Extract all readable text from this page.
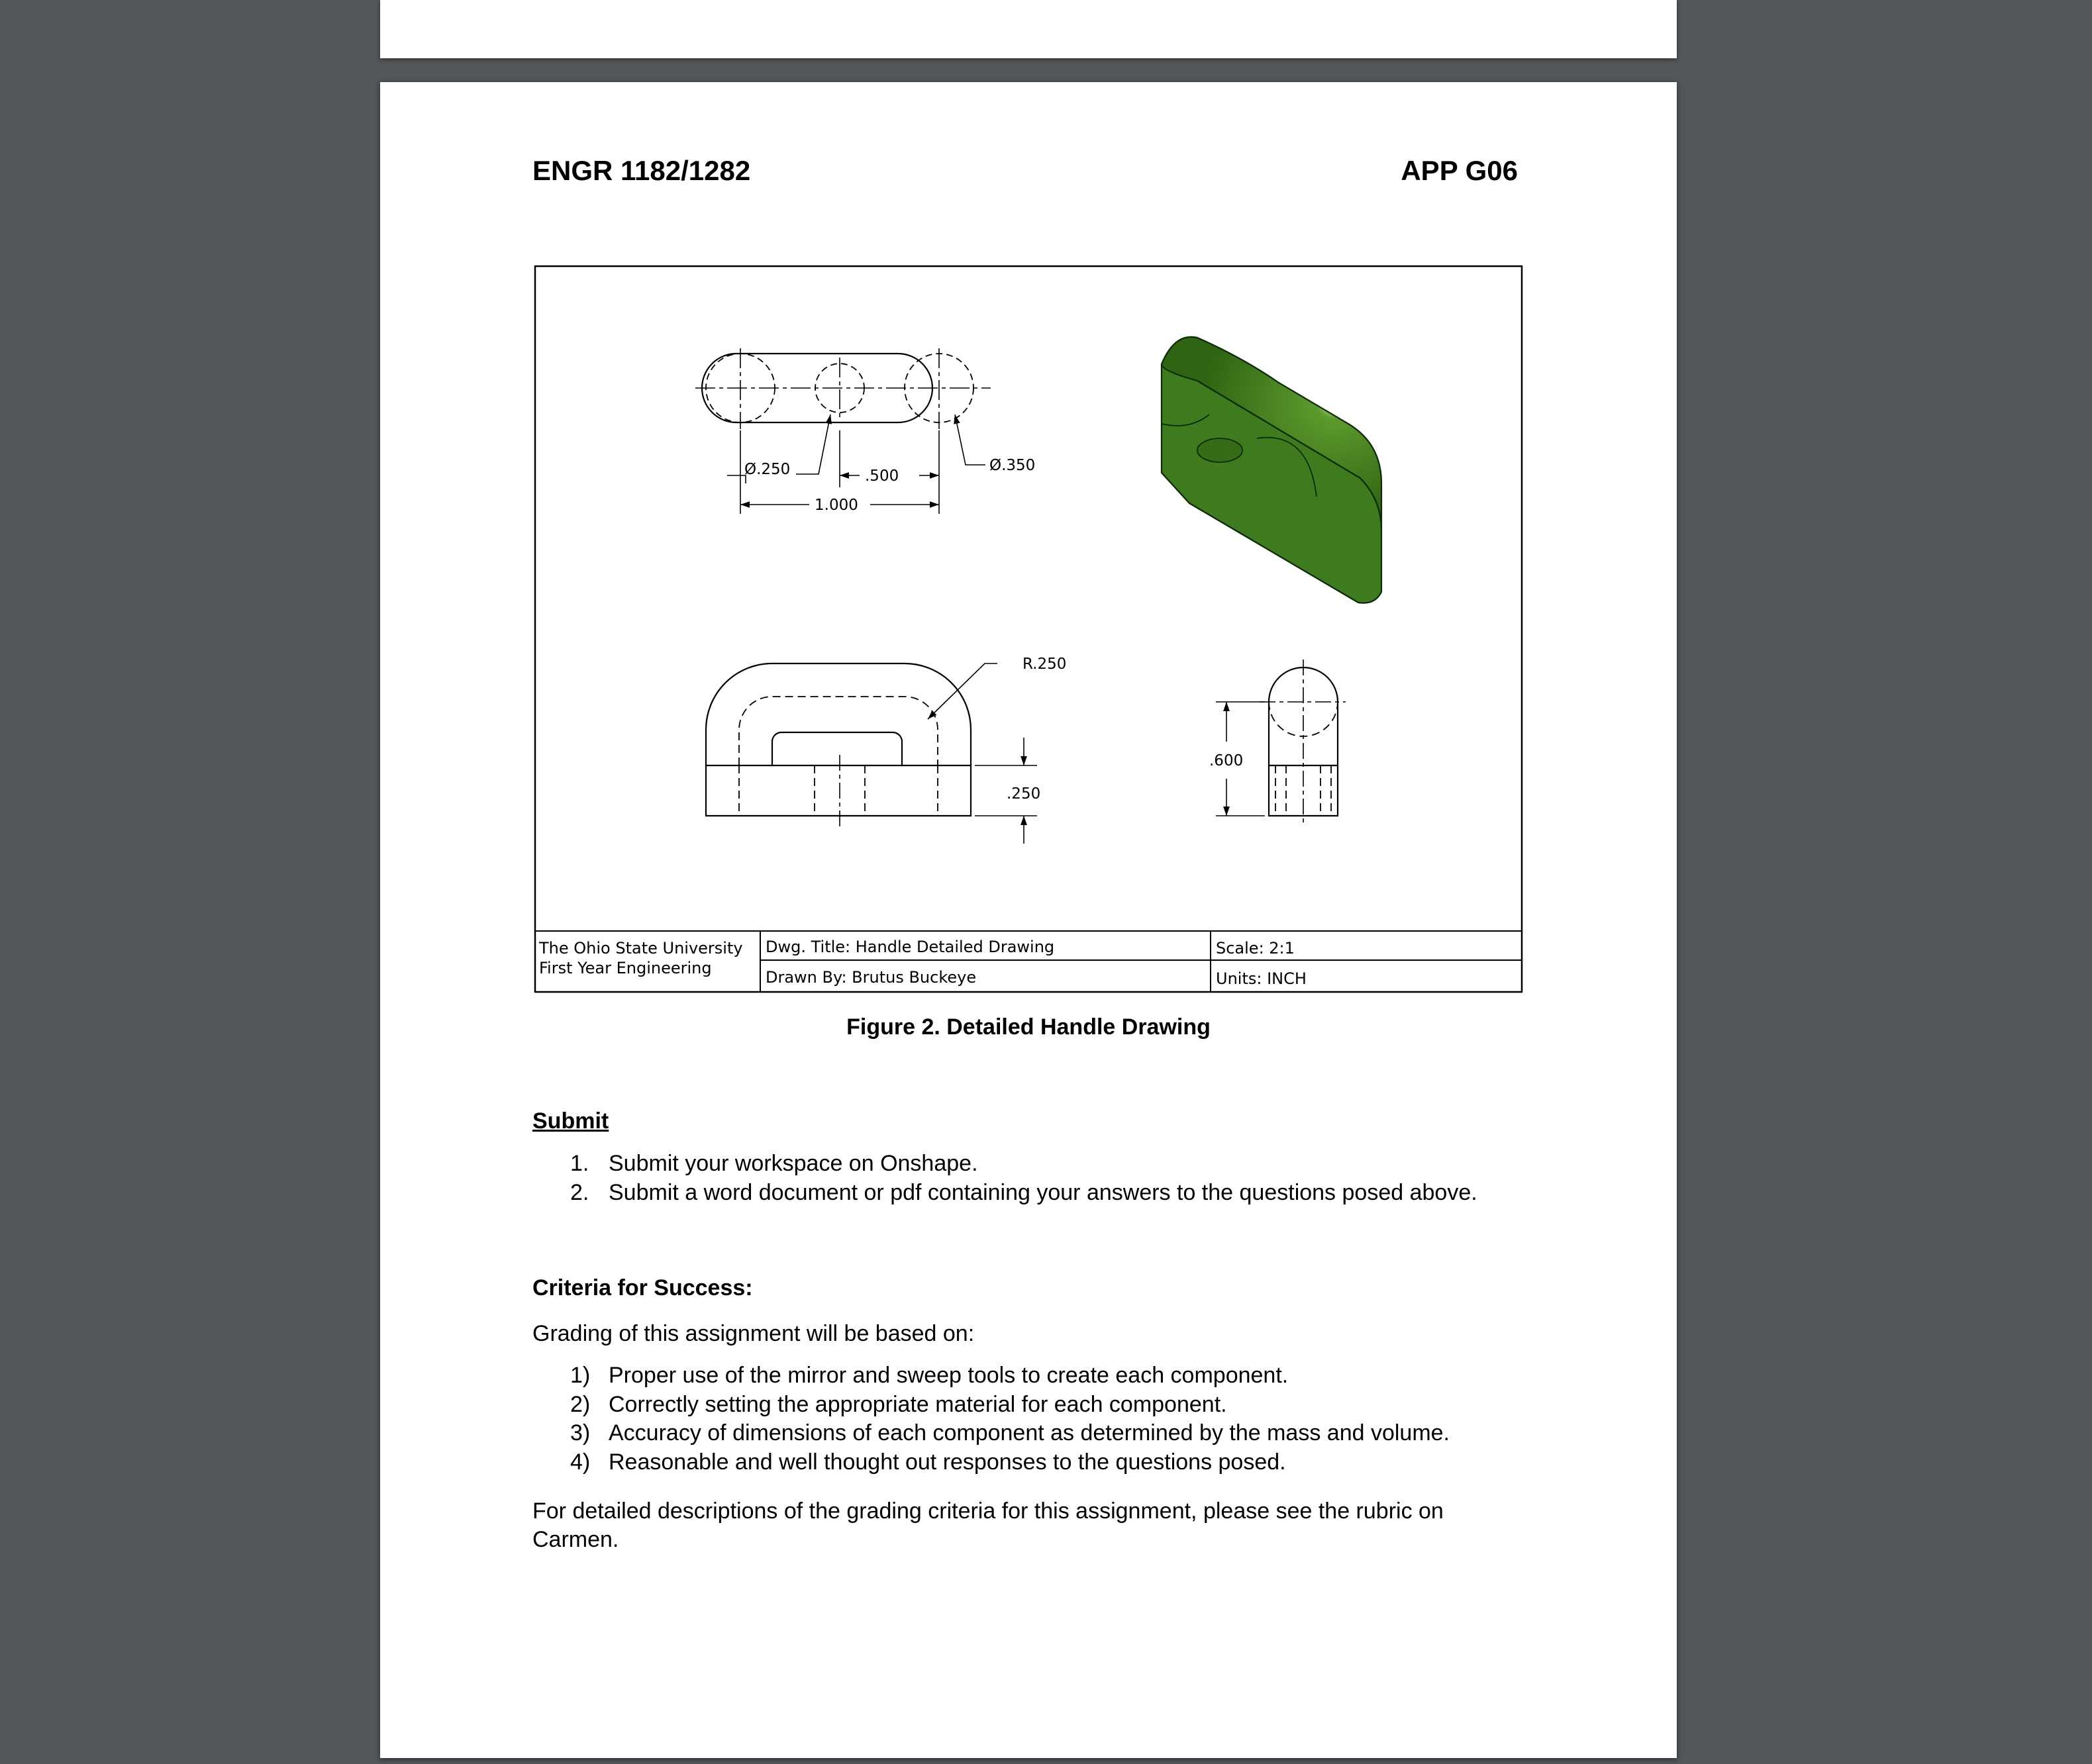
ENGR 1182/1282	APP G06
Ø.250	.500
Ø.350
1.000
R.250
.250
.600
The Ohio State University
First Year Engineering
Dwg. Title: Handle Detailed Drawing
Drawn By: Brutus Buckeye
Scale: 2:1
Units: INCH
Figure 2. Detailed Handle Drawing
Submit
1. Submit your workspace on Onshape.
2. Submit a word document or pdf containing your answers to the questions posed above.
Criteria for Success:
Grading of this assignment will be based on:
1) Proper use of the mirror and sweep tools to create each component.
2) Correctly setting the appropriate material for each component.
3) Accuracy of dimensions of each component as determined by the mass and volume.
4) Reasonable and well thought out responses to the questions posed.
For detailed descriptions of the grading criteria for this assignment, please see the rubric on Carmen.
